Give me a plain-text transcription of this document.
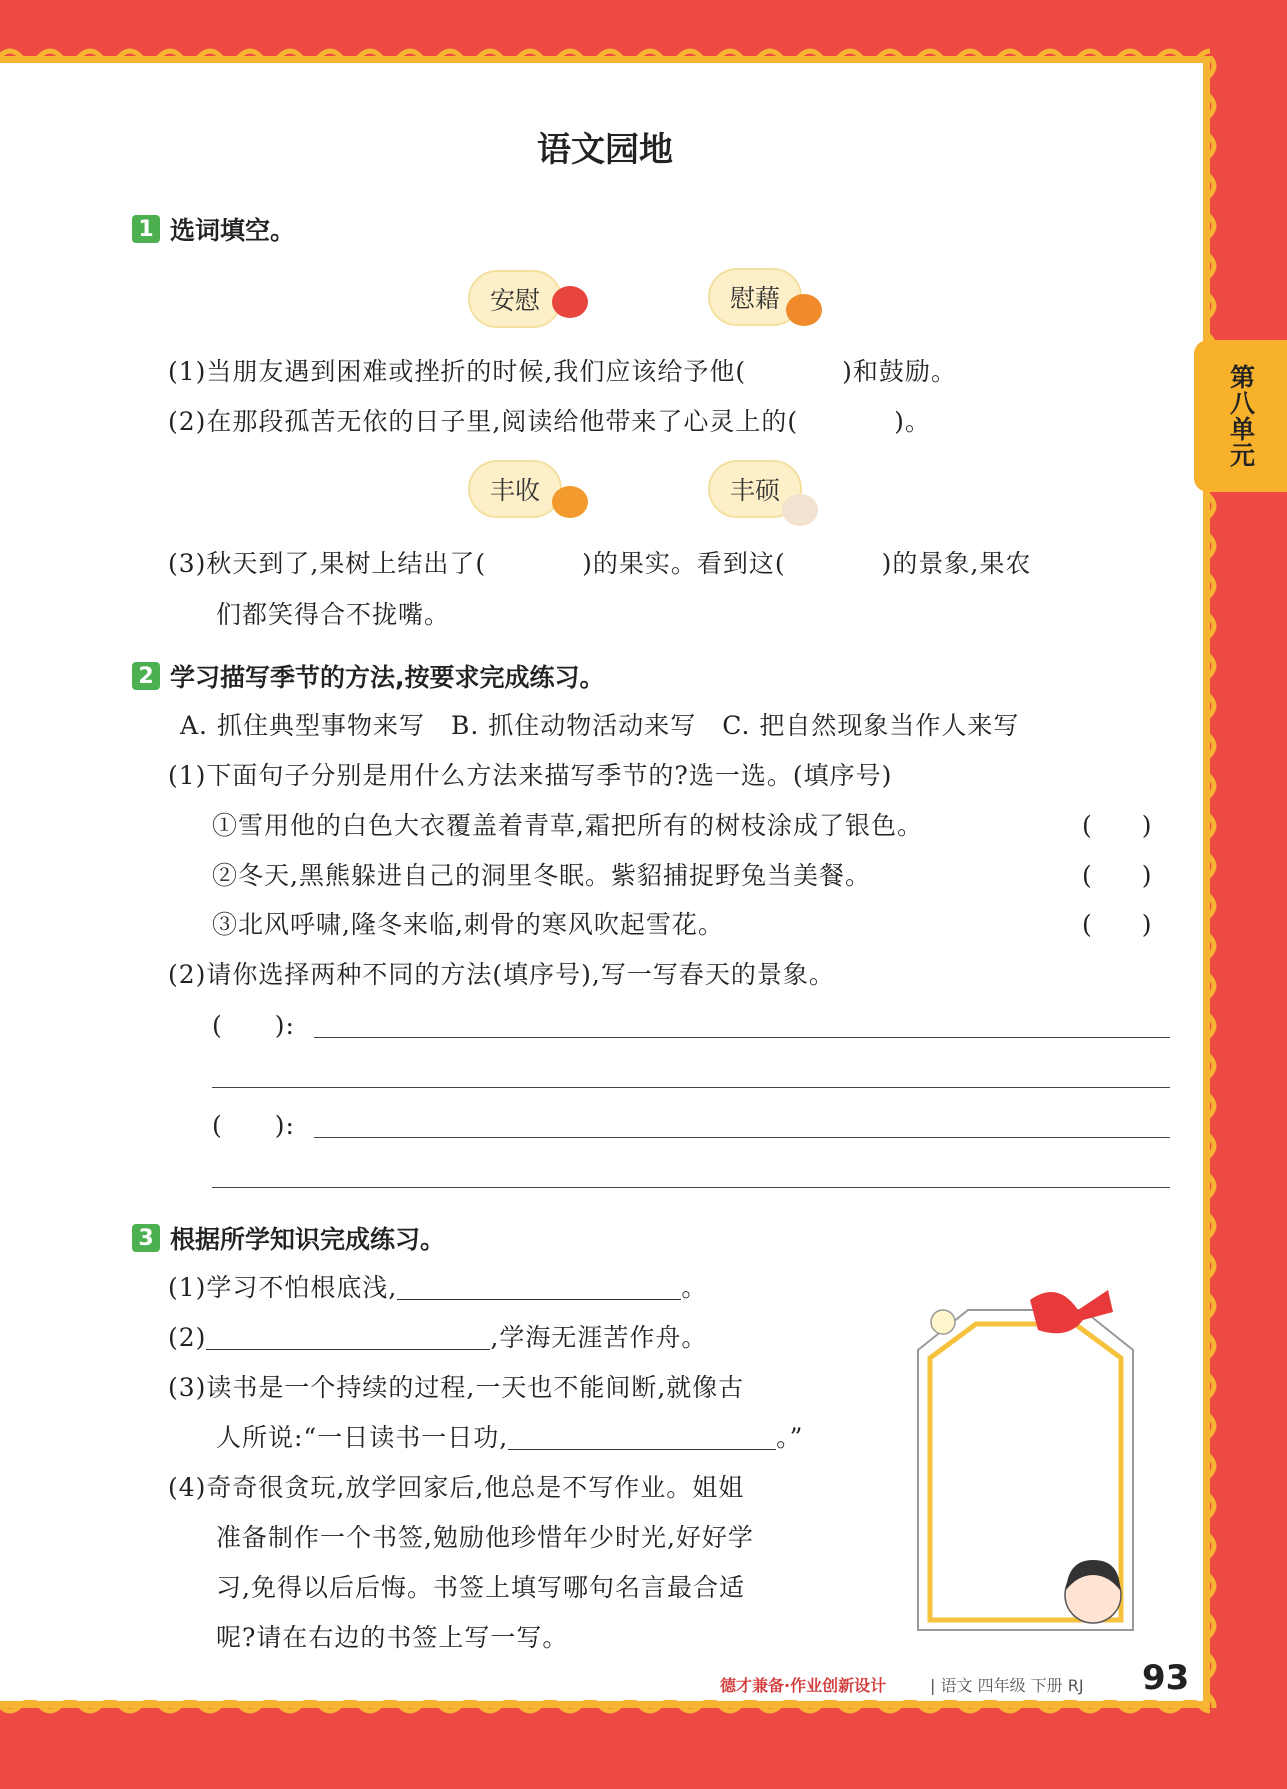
第八单元
语文园地
1 选词填空。
安慰	慰藉
(1)当朋友遇到困难或挫折的时候,我们应该给予他(	)和鼓励。
(2)在那段孤苦无依的日子里,阅读给他带来了心灵上的(	)。
丰收	丰硕
(3)秋天到了,果树上结出了(	)的果实。看到这(	)的景象,果农
们都笑得合不拢嘴。
2 学习描写季节的方法,按要求完成练习。
A. 抓住典型事物来写　B. 抓住动物活动来写　C. 把自然现象当作人来写
(1)下面句子分别是用什么方法来描写季节的?选一选。(填序号)
①雪用他的白色大衣覆盖着青草,霜把所有的树枝涂成了银色。	(　　)
②冬天,黑熊躲进自己的洞里冬眠。紫貂捕捉野兔当美餐。	(　　)
③北风呼啸,隆冬来临,刺骨的寒风吹起雪花。	(　　)
(2)请你选择两种不同的方法(填序号),写一写春天的景象。
(　　):
(　　):
3 根据所学知识完成练习。
(1)学习不怕根底浅,	。
(2)	,学海无涯苦作舟。
(3)读书是一个持续的过程,一天也不能间断,就像古
人所说:“一日读书一日功,	。”
(4)奇奇很贪玩,放学回家后,他总是不写作业。姐姐
准备制作一个书签,勉励他珍惜年少时光,好好学
习,免得以后后悔。书签上填写哪句名言最合适
呢?请在右边的书签上写一写。
德才兼备·作业创新设计	| 语文 四年级 下册 RJ 93
